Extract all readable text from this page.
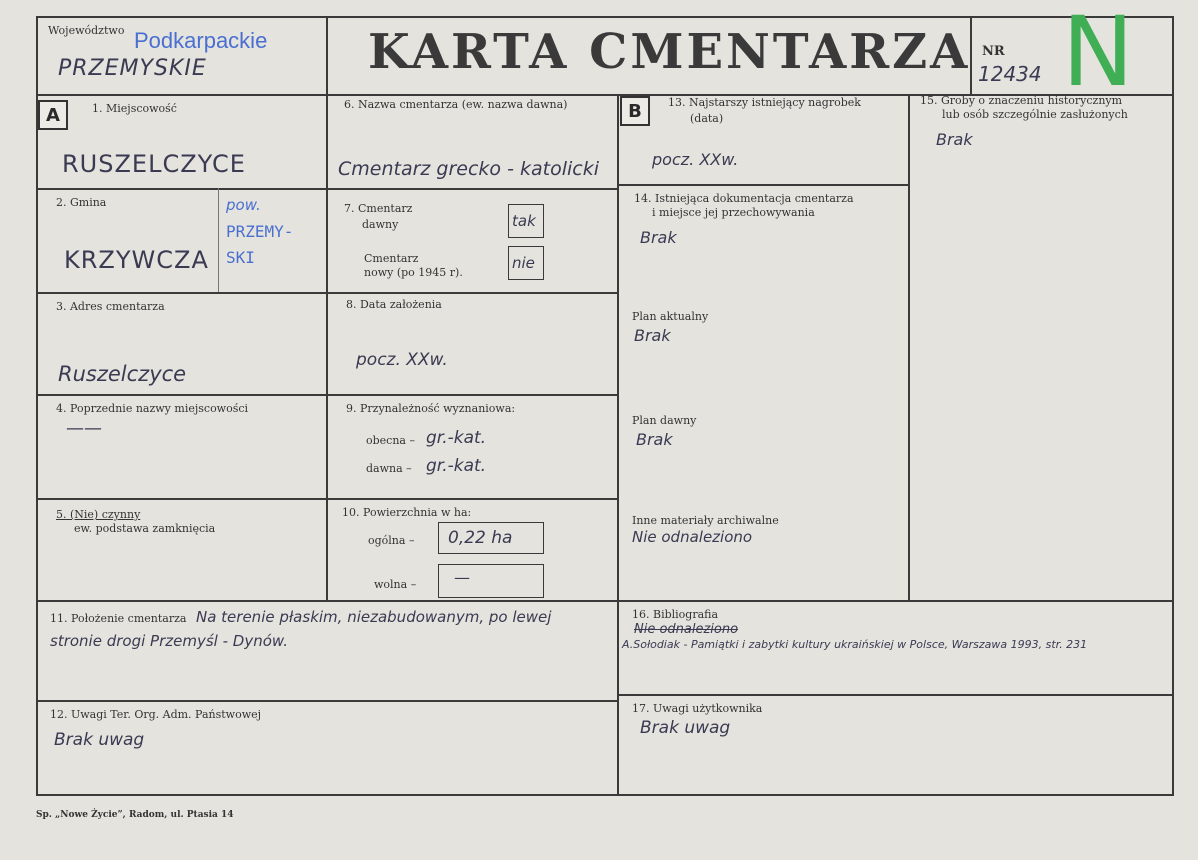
Województwo Podkarpackie
PRZEMYSKIE	KARTA CMENTARZA NR
12434 N
A	1. Miejscowość
RUSZELCZYCE
2. Gmina
KRZYWCZA
pow.
PRZEMY-
SKI
3. Adres cmentarza
Ruszelczyce
4. Poprzednie nazwy miejscowości
——
5. (Nie) czynny
ew. podstawa zamknięcia
6. Nazwa cmentarza (ew. nazwa dawna)
Cmentarz grecko - katolicki
7. Cmentarz
dawny	tak
Cmentarz
nowy (po 1945 r).
nie
8. Data założenia
pocz. XXw.
9. Przynależność wyznaniowa:
obecna – gr.-kat.
dawna – gr.-kat.
10. Powierzchnia w ha:
ogólna – 0,22 ha
wolna – —
11. Położenie cmentarza Na terenie płaskim, niezabudowanym, po lewej
stronie drogi Przemyśl - Dynów.
12. Uwagi Ter. Org. Adm. Państwowej
Brak uwag
B	13. Najstarszy istniejący nagrobek
(data)
pocz. XXw.
14. Istniejąca dokumentacja cmentarza
i miejsce jej przechowywania
Brak
Plan aktualny
Brak
Plan dawny
Brak
Inne materiały archiwalne
Nie odnaleziono
15. Groby o znaczeniu historycznym
lub osób szczególnie zasłużonych
Brak
16. Bibliografia
Nie odnaleziono
A.Sołodiak - Pamiątki i zabytki kultury ukraińskiej w Polsce, Warszawa 1993, str. 231
17. Uwagi użytkownika
Brak uwag
Sp. „Nowe Życie”, Radom, ul. Ptasia 14
